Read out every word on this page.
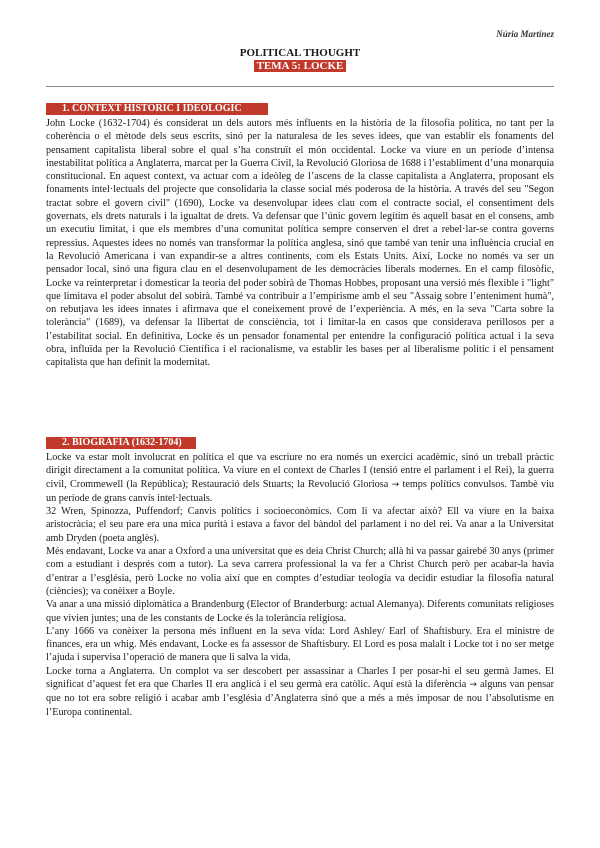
Núria Martínez
POLITICAL THOUGHT
TEMA 5: LOCKE
1. CONTEXT HISTÒRIC I IDEOLÒGIC

John Locke (1632-1704) és considerat un dels autors més influents en la història de la filosofia política, no tant per la coherència o el mètode dels seus escrits, sinó per la naturalesa de les seves idees, que van establir els fonaments del pensament capitalista liberal sobre el qual s’ha construït el món occidental. Locke va viure en un període d’intensa inestabilitat política a Anglaterra, marcat per la Guerra Civil, la Revolució Gloriosa de 1688 i l’establiment d’una monarquia constitucional. En aquest context, va actuar com a ideòleg de l’ascens de la classe capitalista a Anglaterra, proposant els fonaments intel·lectuals del projecte que consolidaria la classe social més poderosa de la història. A través del seu "Segon tractat sobre el govern civil" (1690), Locke va desenvolupar idees clau com el contracte social, el consentiment dels governats, els drets naturals i la igualtat de drets. Va defensar que l’únic govern legítim és aquell basat en el consens, amb un executiu limitat, i que els membres d’una comunitat política sempre conserven el dret a rebel·lar-se contra governs repressius. Aquestes idees no només van transformar la política anglesa, sinó que també van tenir una influència crucial en la Revolució Americana i van expandir-se a altres continents, com els Estats Units. Així, Locke no només va ser un pensador local, sinó una figura clau en el desenvolupament de les democràcies liberals modernes. En el camp filosòfic, Locke va reinterpretar i domesticar la teoria del poder sobirà de Thomas Hobbes, proposant una versió més flexible i "light" que limitava el poder absolut del sobirà. També va contribuir a l’empirisme amb el seu "Assaig sobre l’enteniment humà", on rebutjava les idees innates i afirmava que el coneixement prové de l’experiència. A més, en la seva "Carta sobre la tolerància" (1689), va defensar la llibertat de consciència, tot i limitar-la en casos que considerava perillosos per a l’estabilitat social. En definitiva, Locke és un pensador fonamental per entendre la configuració política actual i la seva obra, influïda per la Revolució Científica i el racionalisme, va establir les bases per al liberalisme polític i el pensament capitalista que han definit la modernitat.

2. BIOGRAFIA (1632-1704)

Locke va estar molt involucrat en política el que va escriure no era només un exercici acadèmic, sinó un treball pràctic dirigit directament a la comunitat política. Va viure en el context de Charles I (tensió entre el parlament i el Rei), la guerra civil, Crommewell (la República); Restauració dels Stuarts; la Revolució Gloriosa → temps polítics convulsos. Tambè viu un període de grans canvis intel·lectuals.

32 Wren, Spinozza, Puffendorf; Canvis polítics i socioeconòmics. Com li va afectar això? Ell va viure en la baixa aristocràcia; el seu pare era una mica purità i estava a favor del bàndol del parlament i no del rei. Va anar a la Universitat amb Dryden (poeta anglès).

Més endavant, Locke va anar a Oxford a una universitat que es deia Christ Church; allà hi va passar gairebé 30 anys (primer com a estudiant i després com a tutor). La seva carrera professional la va fer a Christ Church però per acabar-la havia d’entrar a l’església, però Locke no volia així que en comptes d’estudiar teologia va decidir estudiar la filosofia natural (ciències); va conèixer a Boyle.

Va anar a una missió diplomàtica a Brandenburg (Elector of Branderburg: actual Alemanya). Diferents comunitats religioses que vivien juntes; una de les constants de Locke és la tolerància religiosa.

L’any 1666 va conèixer la persona més influent en la seva vida: Lord Ashley/ Earl of Shaftisbury. Era el ministre de finances, era un whig. Més endavant, Locke es fa assessor de Shaftisbury. El Lord es posa malalt i Locke tot i no ser metge l’ajuda i supervisa l’operació de manera que li salva la vida.

Locke torna a Anglaterra. Un complot va ser descobert per assassinar a Charles I per posar-hi el seu germà James. El significat d’aquest fet era que Charles II era anglicà i el seu germà era catòlic. Aquí està la diferència → alguns van pensar que no tot era sobre religió i acabar amb l’església d’Anglaterra sinó que a més a més imposar de nou l’absolutisme en l’Europa continental.
